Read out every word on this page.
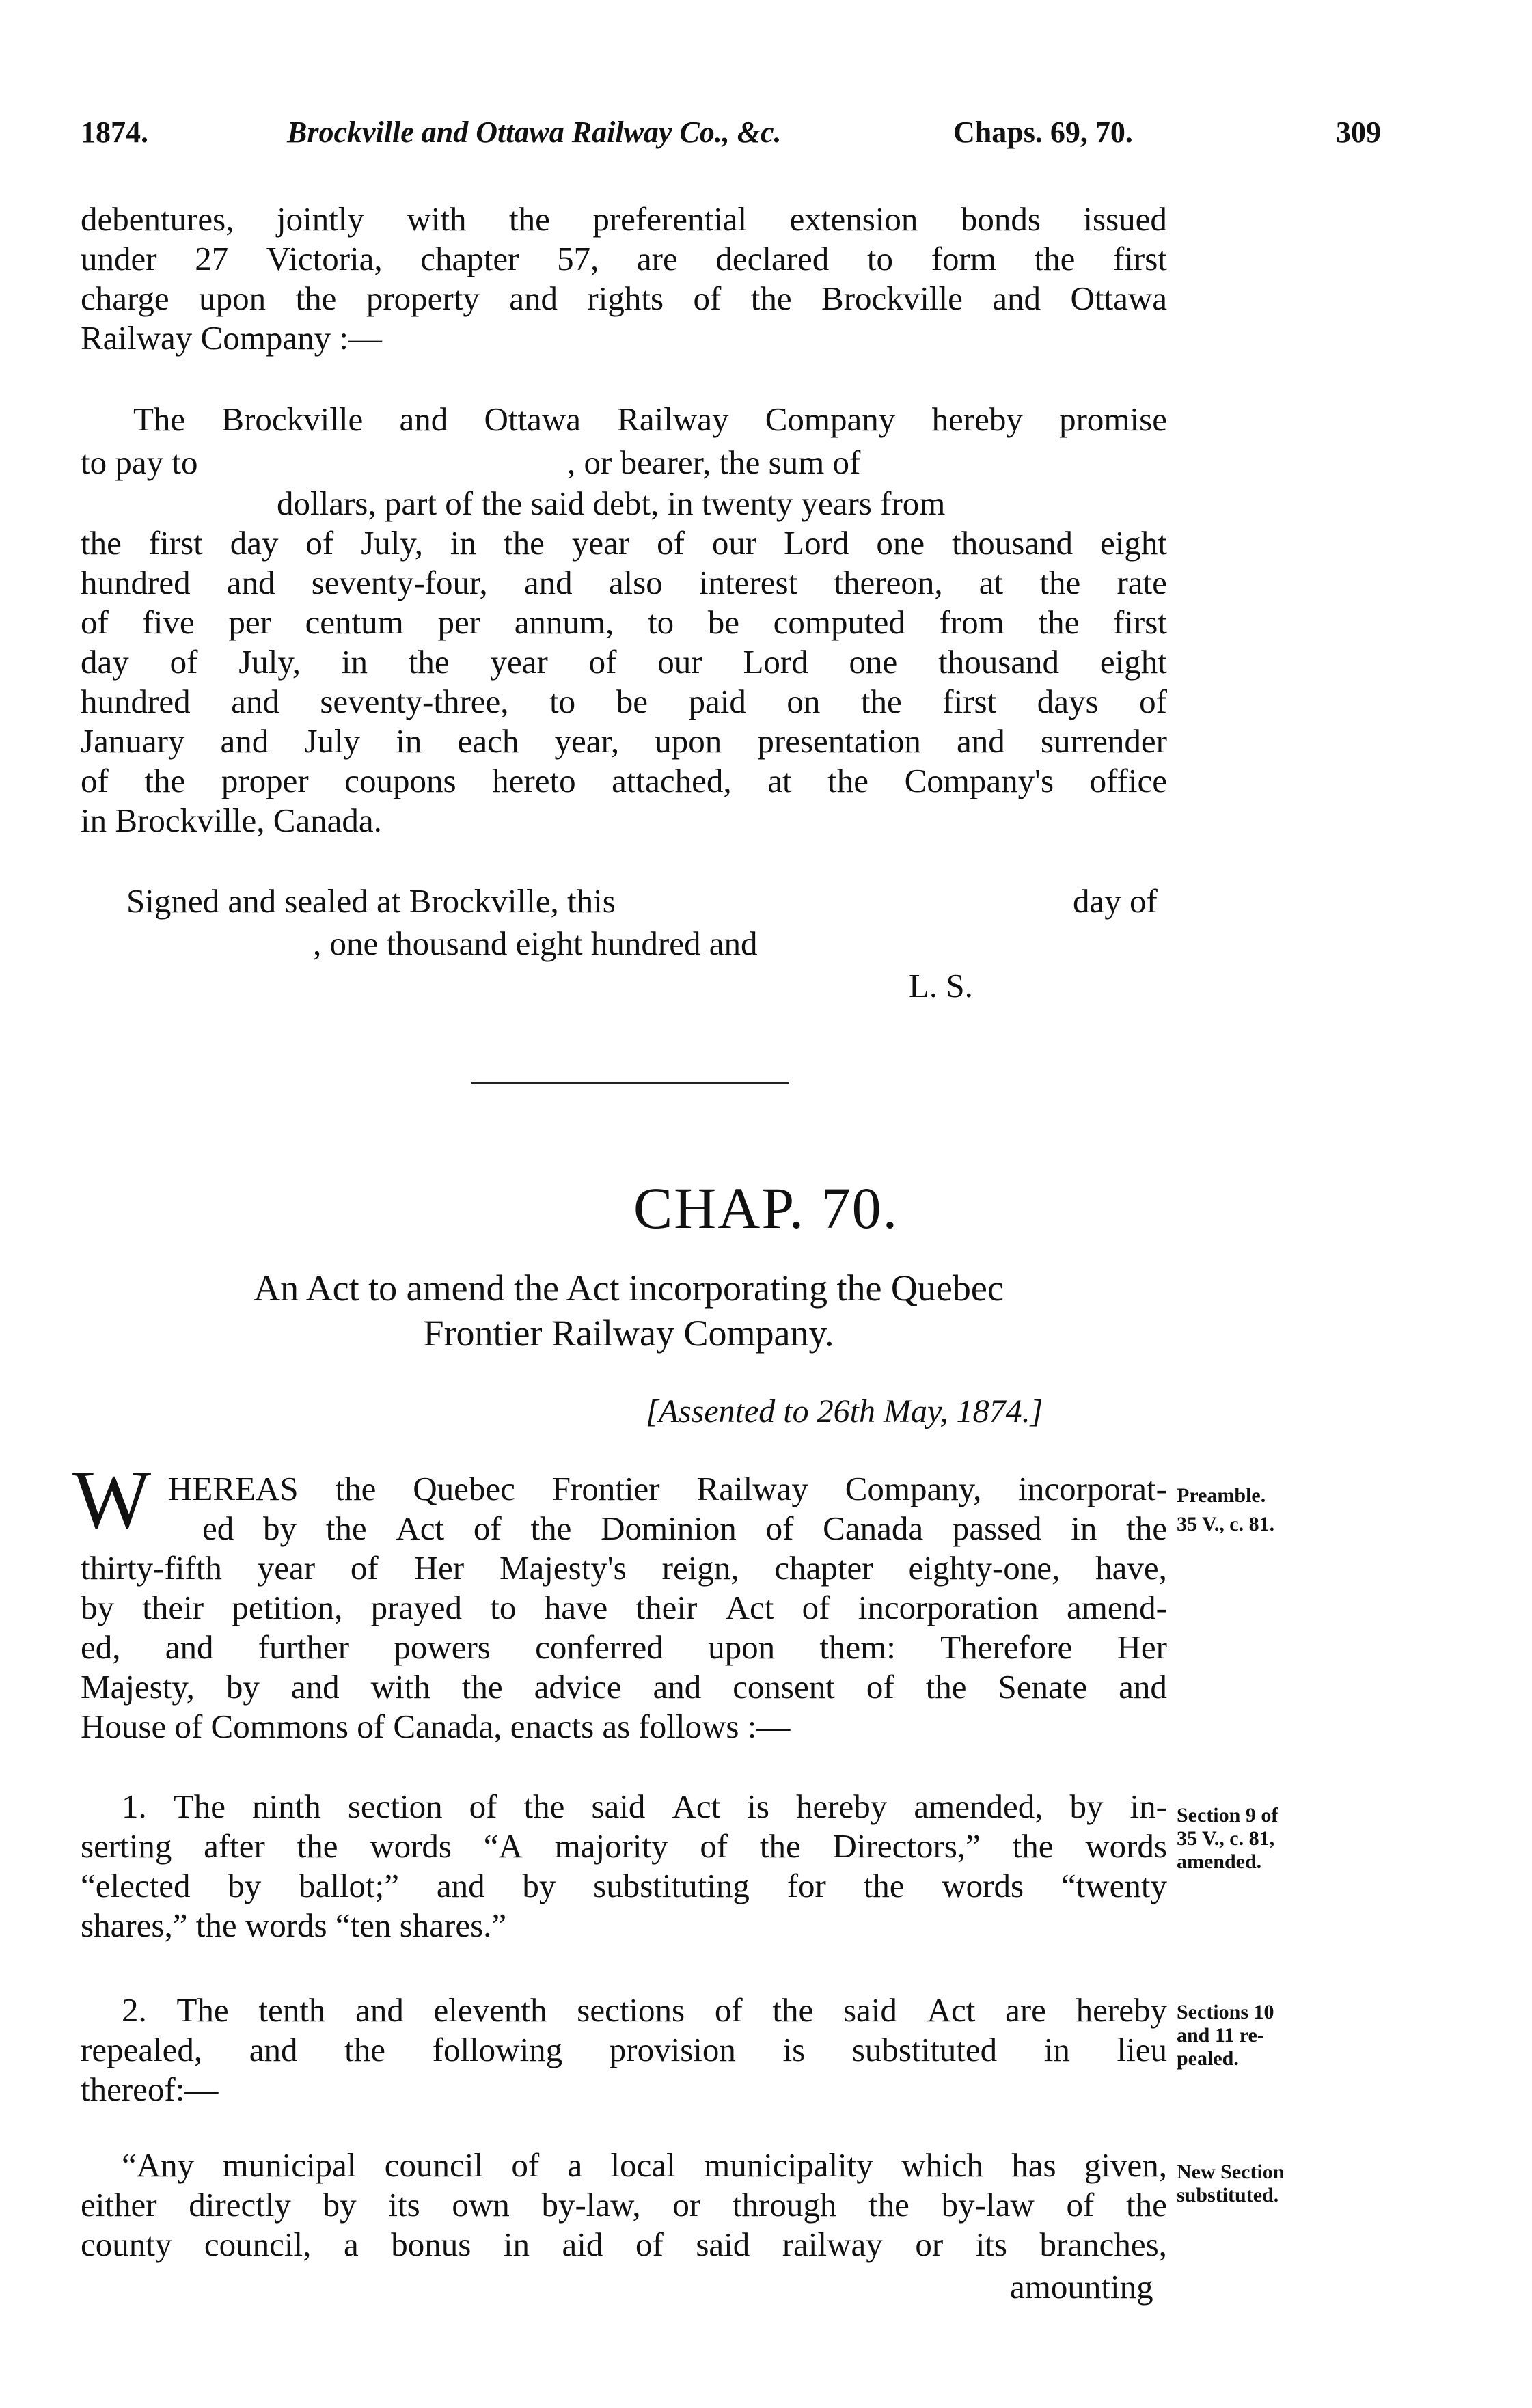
1874.	Brockville and Ottawa Railway Co., &c.	Chaps. 69, 70.	309
debentures, jointly with the preferential extension bonds issued
under 27 Victoria, chapter 57, are declared to form the first
charge upon the property and rights of the Brockville and Ottawa
Railway Company :—
The Brockville and Ottawa Railway Company hereby promise
to pay to	, or bearer, the sum of
dollars, part of the said debt, in twenty years from
the first day of July, in the year of our Lord one thousand eight
hundred and seventy-four, and also interest thereon, at the rate
of five per centum per annum, to be computed from the first
day of July, in the year of our Lord one thousand eight
hundred and seventy-three, to be paid on the first days of
January and July in each year, upon presentation and surrender
of the proper coupons hereto attached, at the Company's office
in Brockville, Canada.
Signed and sealed at Brockville, this	day of
, one thousand eight hundred and
L. S.
CHAP. 70.
An Act to amend the Act incorporating the Quebec
Frontier Railway Company.
[Assented to 26th May, 1874.]
W HEREAS the Quebec Frontier Railway Company, incorporat-
ed by the Act of the Dominion of Canada passed in the
thirty-fifth year of Her Majesty's reign, chapter eighty-one, have,
by their petition, prayed to have their Act of incorporation amend-
ed, and further powers conferred upon them: Therefore Her
Majesty, by and with the advice and consent of the Senate and
House of Commons of Canada, enacts as follows :—
Preamble.
35 V., c. 81.
1. The ninth section of the said Act is hereby amended, by in-
serting after the words “A majority of the Directors,” the words
“elected by ballot;” and by substituting for the words “twenty
shares,” the words “ten shares.”
Section 9 of
35 V., c. 81,
amended.
2. The tenth and eleventh sections of the said Act are hereby
repealed, and the following provision is substituted in lieu
thereof:—
Sections 10
and 11 re-
pealed.
“Any municipal council of a local municipality which has given,
either directly by its own by-law, or through the by-law of the
county council, a bonus in aid of said railway or its branches,
amounting
New Section
substituted.
